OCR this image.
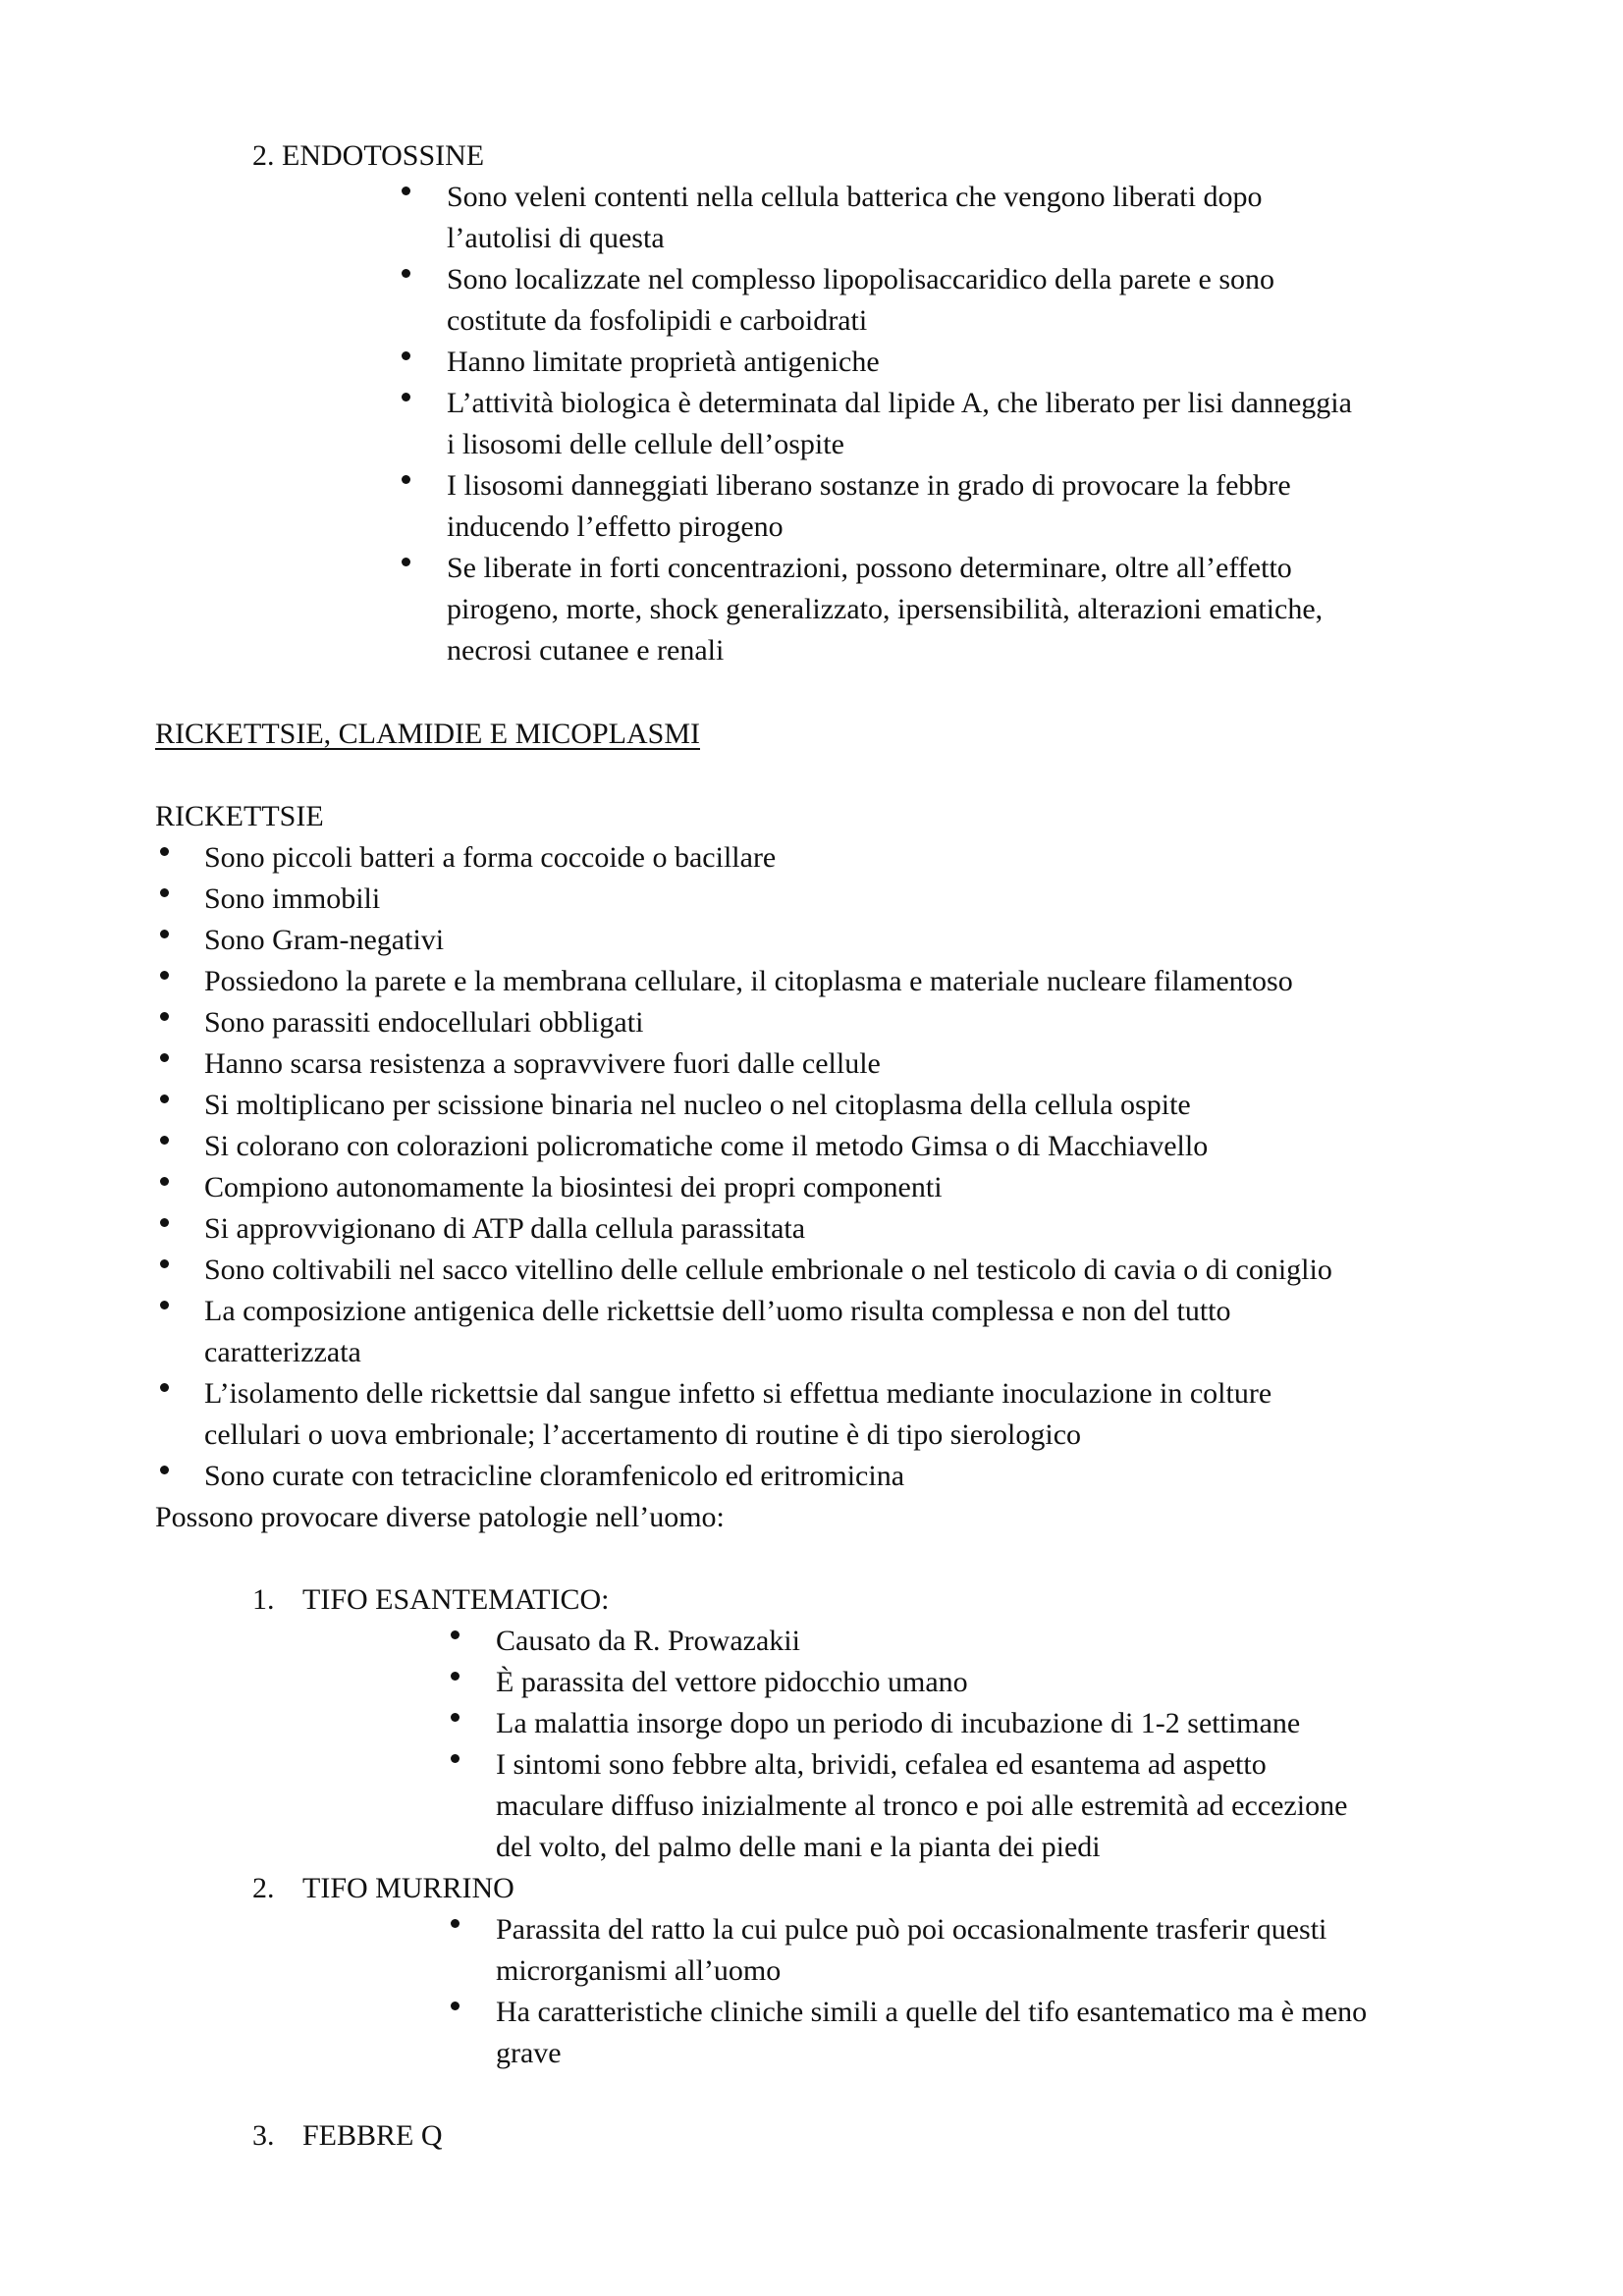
2. ENDOTOSSINE
Sono veleni contenti nella cellula batterica che vengono liberati dopo
l’autolisi di questa
Sono localizzate nel complesso lipopolisaccaridico della parete e sono
costitute da fosfolipidi e carboidrati
Hanno limitate proprietà antigeniche
L’attività biologica è determinata dal lipide A, che liberato per lisi danneggia
i lisosomi delle cellule dell’ospite
I lisosomi danneggiati liberano sostanze in grado di provocare la febbre
inducendo l’effetto pirogeno
Se liberate in forti concentrazioni, possono determinare, oltre all’effetto
pirogeno, morte, shock generalizzato, ipersensibilità, alterazioni ematiche,
necrosi cutanee e renali
RICKETTSIE, CLAMIDIE E MICOPLASMI
RICKETTSIE
Sono piccoli batteri a forma coccoide o bacillare
Sono immobili
Sono Gram-negativi
Possiedono la parete e la membrana cellulare, il citoplasma e materiale nucleare filamentoso
Sono parassiti endocellulari obbligati
Hanno scarsa resistenza a sopravvivere fuori dalle cellule
Si moltiplicano per scissione binaria nel nucleo o nel citoplasma della cellula ospite
Si colorano con colorazioni policromatiche come il metodo Gimsa o di Macchiavello
Compiono autonomamente la biosintesi dei propri componenti
Si approvvigionano di ATP dalla cellula parassitata
Sono coltivabili nel sacco vitellino delle cellule embrionale o nel testicolo di cavia o di coniglio
La composizione antigenica delle rickettsie dell’uomo risulta complessa e non del tutto
caratterizzata
L’isolamento delle rickettsie dal sangue infetto si effettua mediante inoculazione in colture
cellulari o uova embrionale; l’accertamento di routine è di tipo sierologico
Sono curate con tetracicline cloramfenicolo ed eritromicina
Possono provocare diverse patologie nell’uomo:
1. TIFO ESANTEMATICO:
Causato da R. Prowazakii
È parassita del vettore pidocchio umano
La malattia insorge dopo un periodo di incubazione di 1-2 settimane
I sintomi sono febbre alta, brividi, cefalea ed esantema ad aspetto
maculare diffuso inizialmente al tronco e poi alle estremità ad eccezione
del volto, del palmo delle mani e la pianta dei piedi
2. TIFO MURRINO
Parassita del ratto la cui pulce può poi occasionalmente trasferir questi
microrganismi all’uomo
Ha caratteristiche cliniche simili a quelle del tifo esantematico ma è meno
grave
3. FEBBRE Q
